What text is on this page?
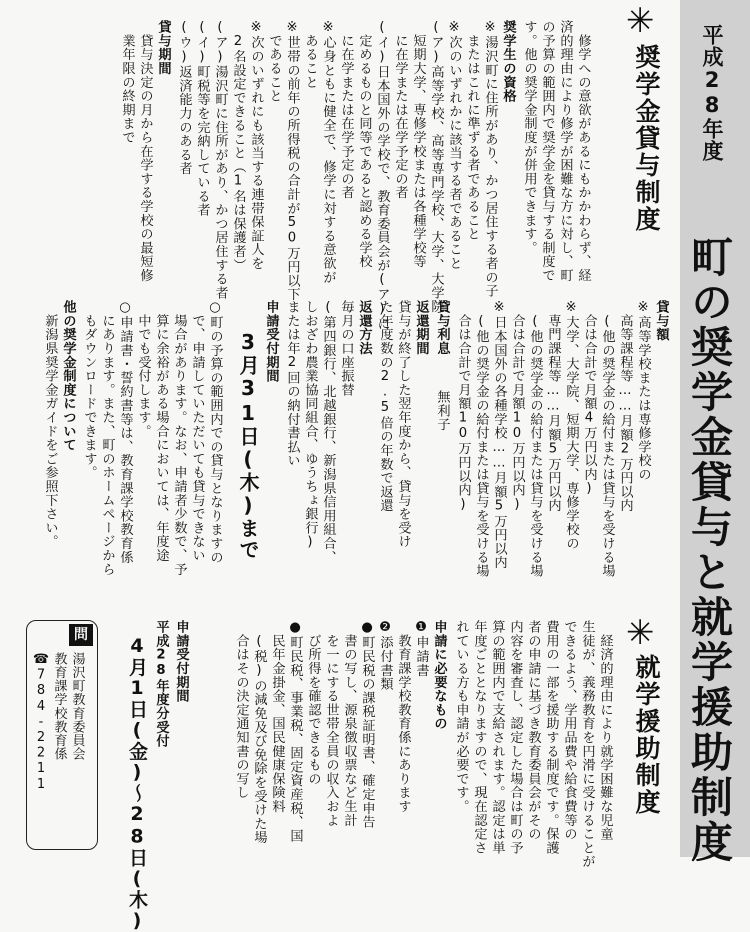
平成28年度
町の奨学金貸与と就学援助制度
✳
奨学金貸与制度
　修学への意欲があるにもかかわらず、経
済的理由により修学が困難な方に対し、町
の予算の範囲内で奨学金を貸与する制度で
す。他の奨学金制度が併用できます。
奨学生の資格
※湯沢町に住所があり、かつ居住する者の子
　またはこれに準ずる者であること
※次のいずれかに該当する者であること
(ア)高等学校、高等専門学校、大学、大学院、
　短期大学、専修学校または各種学校等
　に在学または在学予定の者
(イ)日本国外の学校で、教育委員会が(ア)に
　定めるものと同等であると認める学校
　に在学または在学予定の者
※心身ともに健全で、修学に対する意欲が
　あること
※世帯の前年の所得税の合計が50万円以下
　であること
※次のいずれにも該当する連帯保証人を
　2名設定できること（1名は保護者）
(ア)湯沢町に住所があり、かつ居住する者
(イ)町税等を完納している者
(ウ)返済能力のある者
貸与期間
　貸与決定の月から在学する学校の最短修
　業年限の終期まで
貸与額
※高等学校または専修学校の
　高等課程等……月額2万円以内
　(他の奨学金の給付または貸与を受ける場
　合は合計で月額4万円以内)
※大学、大学院、短期大学、専修学校の
　専門課程等……月額5万円以内
　(他の奨学金の給付または貸与を受ける場
　合は合計で月額10万円以内)
※日本国外の各種学校……月額5万円以内
　(他の奨学金の給付または貸与を受ける場
　合は合計で月額10万円以内)
貸与利息
無利子
返還期間
貸与が終了した翌年度から、貸与を受け
た年度数の2.5倍の年数で返還
返還方法
毎月の口座振替
(第四銀行、北越銀行、新潟県信用組合、
しおざわ農業協同組合、ゆうちょ銀行)
または年2回の納付書払い
申請受付期間
3月31日(木)まで
○町の予算の範囲内での貸与となりますの
　で、申請していただいても貸与できない
　場合があります。なお、申請者少数で、予
　算に余裕がある場合においては、年度途
　中でも受付します。
○申請書・誓約書等は、教育課学校教育係
　にあります。また、町のホームページから
　もダウンロードできます。
他の奨学金制度について
　新潟県奨学金ガイドをご参照下さい。
✳
就学援助制度
　経済的理由により就学困難な児童
生徒が、義務教育を円滑に受けることが
できるよう、学用品費や給食費等の
費用の一部を援助する制度です。保護
者の申請に基づき教育委員会がその
内容を審査し、認定した場合は町の予
算の範囲内で支給されます。認定は単
年度ごととなりますので、現在認定さ
れている方も申請が必要です。
申請に必要なもの
❶申請書
　教育課学校教育係にあります
❷添付書類
●町民税の課税証明書、確定申告
　書の写し、源泉徴収票など生計
　を一にする世帯全員の収入およ
　び所得を確認できるもの
●町民税、事業税、固定資産税、国
　民年金掛金、国民健康保険料
　(税)の減免及び免除を受けた場
　合はその決定通知書の写し
申請受付期間
平成28年度分受付
4月1日(金)〜28日(木)
問
湯沢町教育委員会
教育課学校教育係
☎784-2211
